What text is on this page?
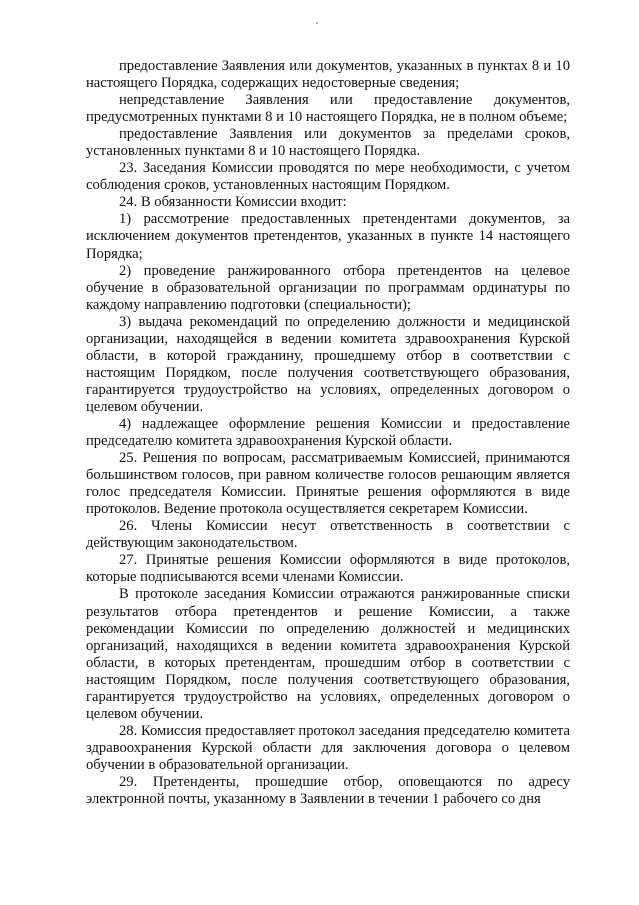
предоставление Заявления или документов, указанных в пунктах 8 и 10 настоящего Порядка, содержащих недостоверные сведения;

непредставление Заявления или предоставление документов, предусмотренных пунктами 8 и 10 настоящего Порядка, не в полном объеме;

предоставление Заявления или документов за пределами сроков, установленных пунктами 8 и 10 настоящего Порядка.

23. Заседания Комиссии проводятся по мере необходимости, с учетом соблюдения сроков, установленных настоящим Порядком.

24. В обязанности Комиссии входит:

1) рассмотрение предоставленных претендентами документов, за исключением документов претендентов, указанных в пункте 14 настоящего Порядка;

2) проведение ранжированного отбора претендентов на целевое обучение в образовательной организации по программам ординатуры по каждому направлению подготовки (специальности);

3) выдача рекомендаций по определению должности и медицинской организации, находящейся в ведении комитета здравоохранения Курской области, в которой гражданину, прошедшему отбор в соответствии с настоящим Порядком, после получения соответствующего образования, гарантируется трудоустройство на условиях, определенных договором о целевом обучении.

4) надлежащее оформление решения Комиссии и предоставление председателю комитета здравоохранения Курской области.

25. Решения по вопросам, рассматриваемым Комиссией, принимаются большинством голосов, при равном количестве голосов решающим является голос председателя Комиссии. Принятые решения оформляются в виде протоколов. Ведение протокола осуществляется секретарем Комиссии.

26. Члены Комиссии несут ответственность в соответствии с действующим законодательством.

27. Принятые решения Комиссии оформляются в виде протоколов, которые подписываются всеми членами Комиссии.

В протоколе заседания Комиссии отражаются ранжированные списки результатов отбора претендентов и решение Комиссии, а также рекомендации Комиссии по определению должностей и медицинских организаций, находящихся в ведении комитета здравоохранения Курской области, в которых претендентам, прошедшим отбор в соответствии с настоящим Порядком, после получения соответствующего образования, гарантируется трудоустройство на условиях, определенных договором о целевом обучении.

28. Комиссия предоставляет протокол заседания председателю комитета здравоохранения Курской области для заключения договора о целевом обучении в образовательной организации.

29. Претенденты, прошедшие отбор, оповещаются по адресу электронной почты, указанному в Заявлении в течении 1 рабочего со дня
